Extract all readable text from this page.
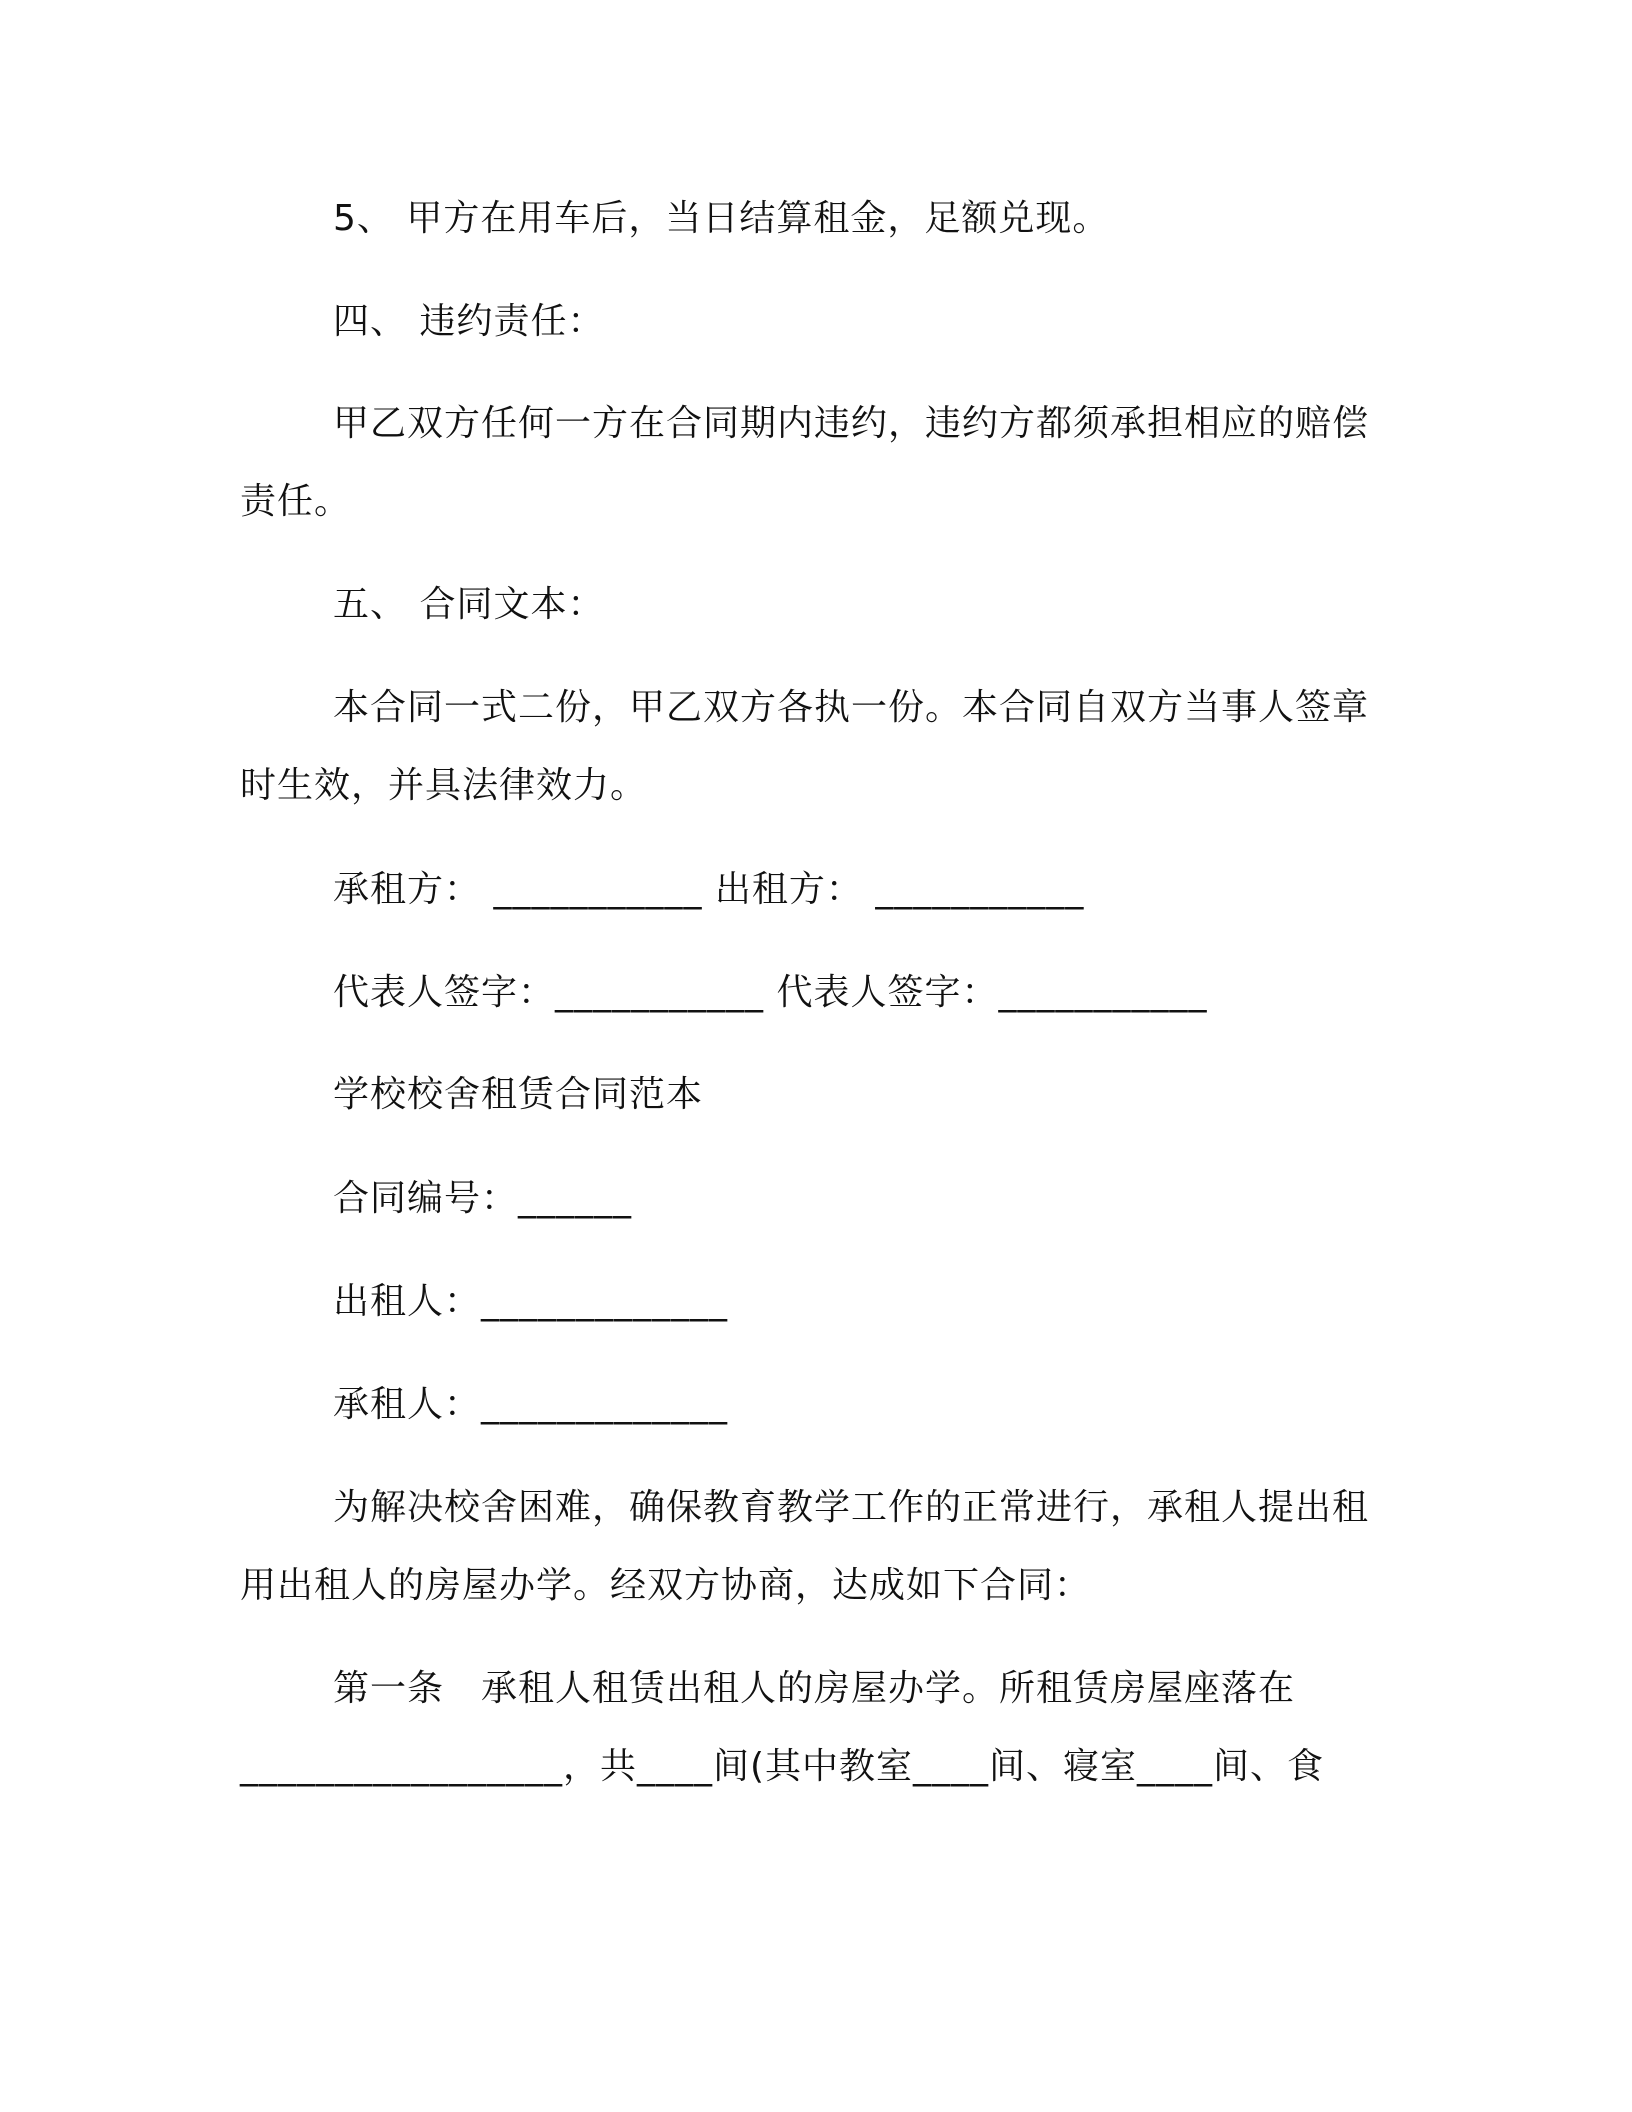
5、 甲方在用车后，当日结算租金，足额兑现。
四、 违约责任：
甲乙双方任何一方在合同期内违约，违约方都须承担相应的赔偿
责任。
五、 合同文本：
本合同一式二份，甲乙双方各执一份。本合同自双方当事人签章
时生效，并具法律效力。
承租方： ___________ 出租方： ___________
代表人签字：___________ 代表人签字：___________
学校校舍租赁合同范本
合同编号：______
出租人：_____________
承租人：_____________
为解决校舍困难，确保教育教学工作的正常进行，承租人提出租
用出租人的房屋办学。经双方协商，达成如下合同：
第一条　承租人租赁出租人的房屋办学。所租赁房屋座落在
_________________，共____间(其中教室____间、寝室____间、食
